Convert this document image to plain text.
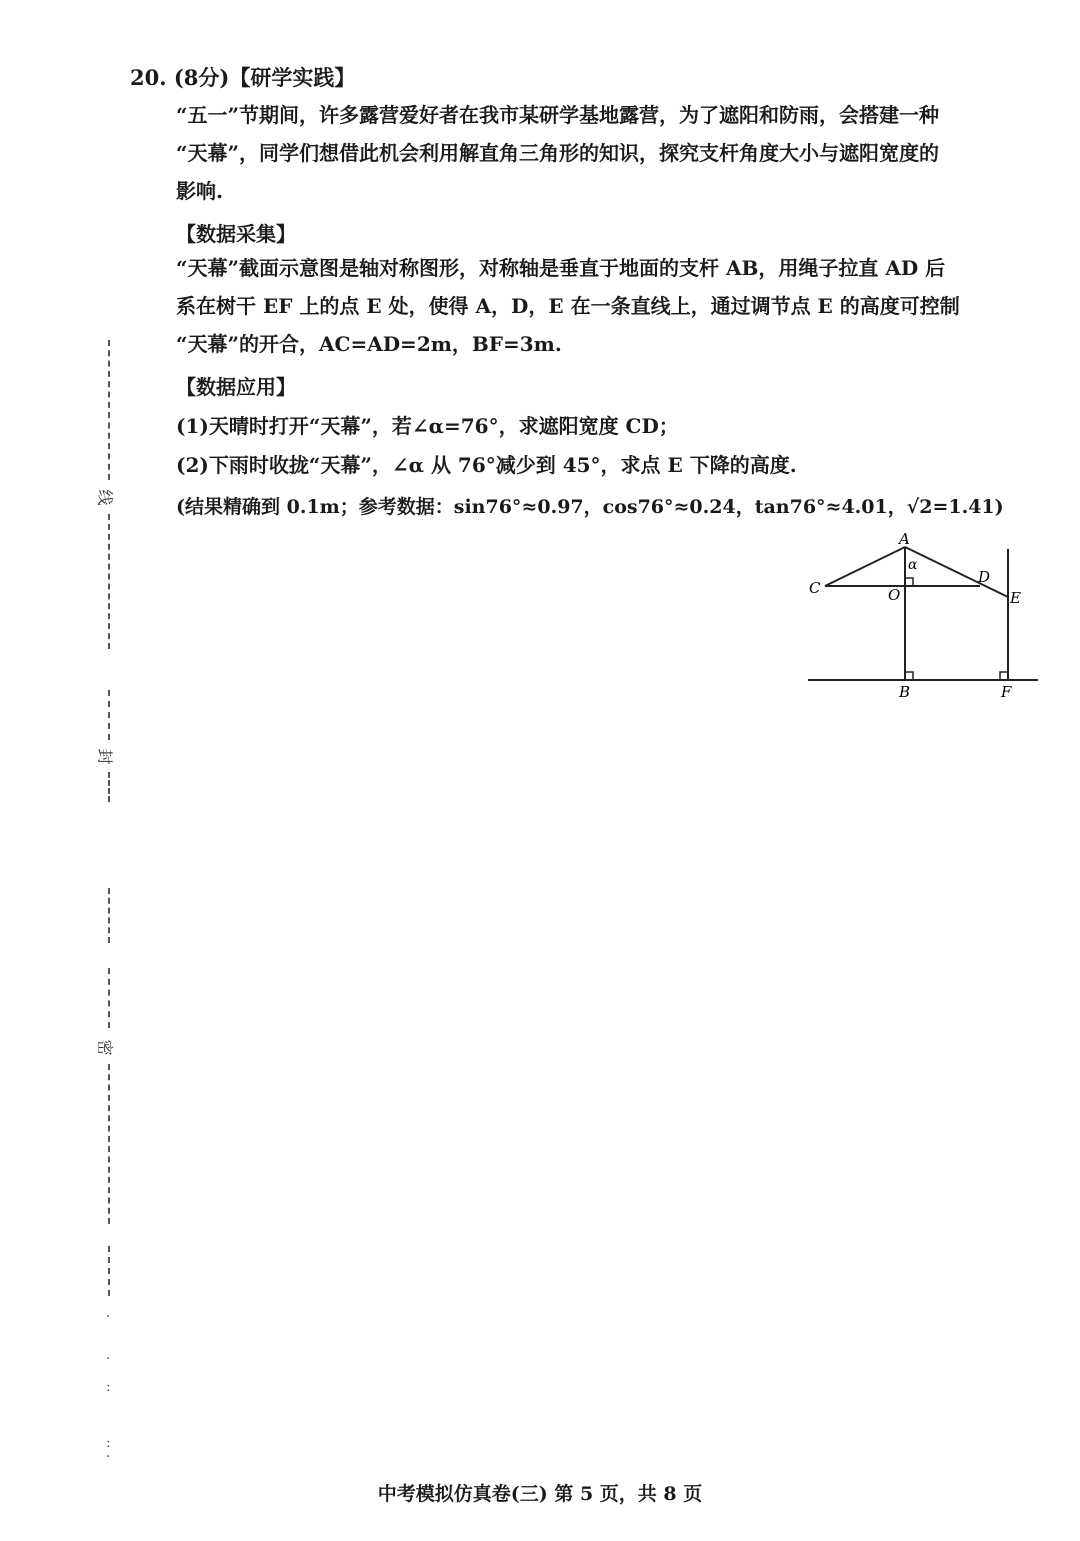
20. (8分)【研学实践】
“五一”节期间，许多露营爱好者在我市某研学基地露营，为了遮阳和防雨，会搭建一种
“天幕”，同学们想借此机会利用解直角三角形的知识，探究支杆角度大小与遮阳宽度的
影响.
【数据采集】
“天幕”截面示意图是轴对称图形，对称轴是垂直于地面的支杆 AB，用绳子拉直 AD 后
系在树干 EF 上的点 E 处，使得 A，D，E 在一条直线上，通过调节点 E 的高度可控制
“天幕”的开合，AC=AD=2m，BF=3m.
【数据应用】
(1)天晴时打开“天幕”，若∠α=76°，求遮阳宽度 CD；
(2)下雨时收拢“天幕”，∠α 从 76°减少到 45°，求点 E 下降的高度.
(结果精确到 0.1m；参考数据：sin76°≈0.97，cos76°≈0.24，tan76°≈4.01，√2=1.41)
A
α
C	O
D
E
B	F
线
封
密
·

·

:

:
·
中考模拟仿真卷(三) 第 5 页，共 8 页
